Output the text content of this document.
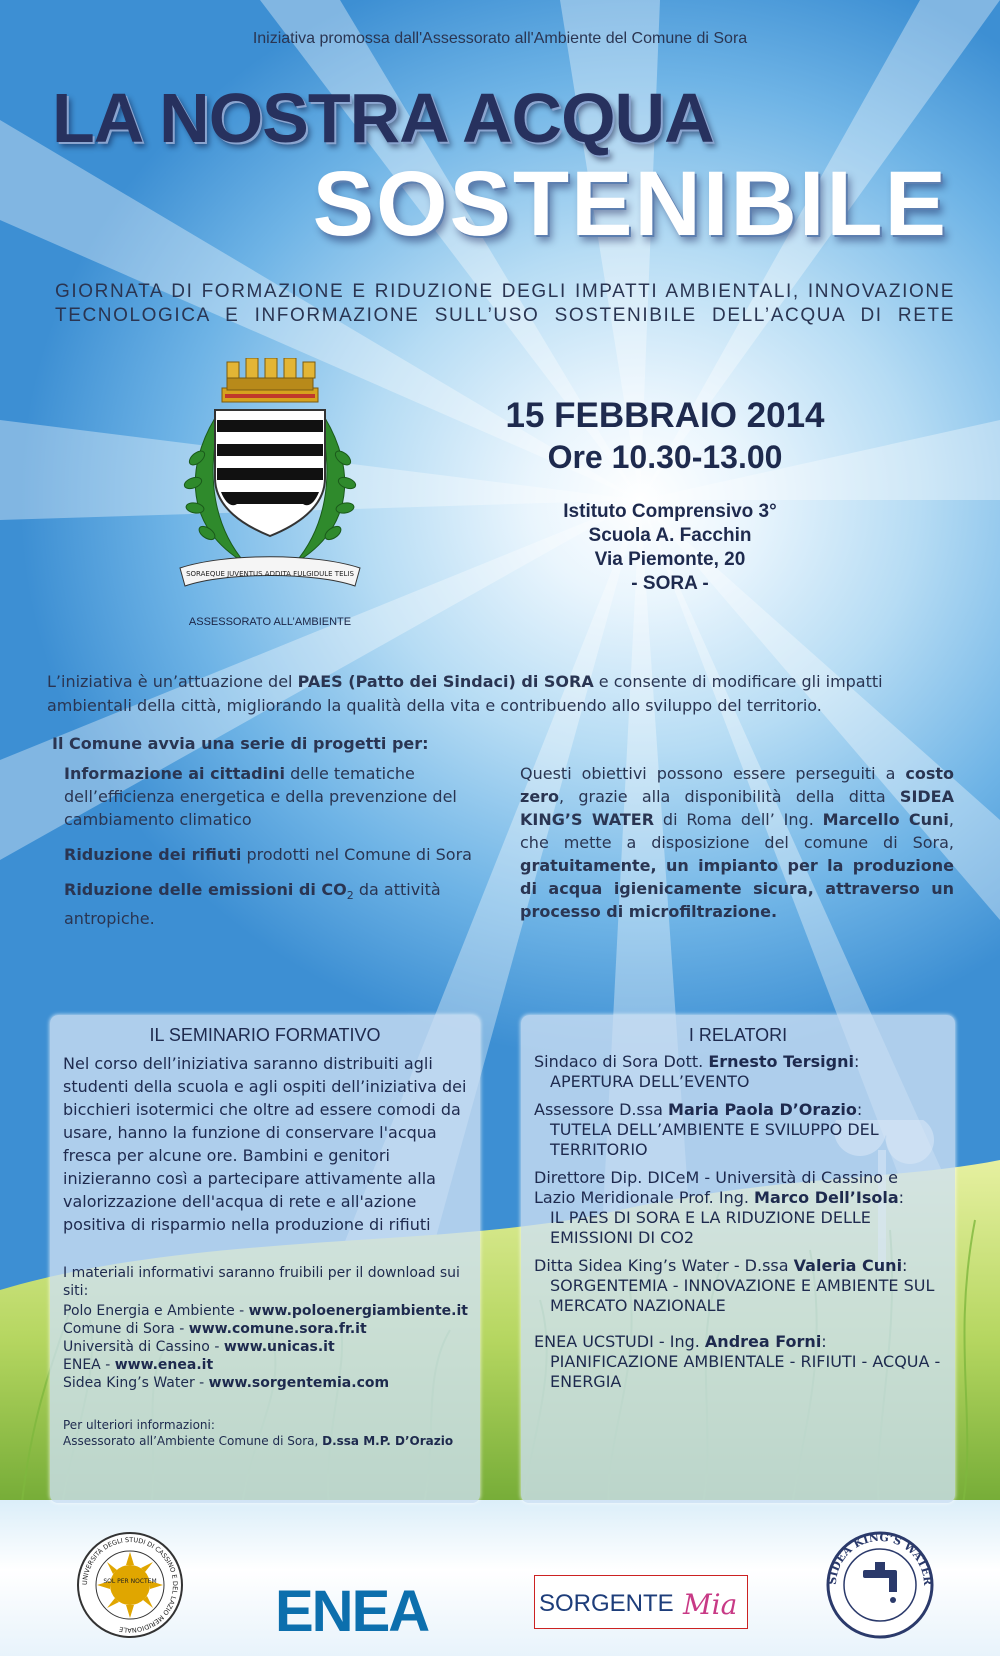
Iniziativa promossa dall'Assessorato all'Ambiente del Comune di Sora
LA NOSTRA ACQUA
SOSTENIBILE
GIORNATA DI FORMAZIONE E RIDUZIONE DEGLI IMPATTI AMBIENTALI, INNOVAZIONE
TECNOLOGICA E INFORMAZIONE SULL’USO SOSTENIBILE DELL’ACQUA DI RETE
SORAEQUE JUVENTUS ADDITA FULGIDULE TELIS
ASSESSORATO ALL’AMBIENTE
15 FEBBRAIO 2014
Ore 10.30-13.00
Istituto Comprensivo 3°
Scuola A. Facchin
Via Piemonte, 20
- SORA -
L’iniziativa è un’attuazione del PAES (Patto dei Sindaci) di SORA e consente di modificare gli impatti ambientali della città, migliorando la qualità della vita e contribuendo allo sviluppo del territorio.
Il Comune avvia una serie di progetti per:

Informazione ai cittadini delle tematiche dell’efficienza energetica e della prevenzione del cambiamento climatico

Riduzione dei rifiuti prodotti nel Comune di Sora

Riduzione delle emissioni di $CO_2$ da attività antropiche.

Questi obiettivi possono essere perseguiti a costo zero, grazie alla disponibilità della ditta SIDEA KING’S WATER di Roma dell’ Ing. Marcello Cuni, che mette a disposizione del comune di Sora, gratuitamente, un impianto per la produzione di acqua igienicamente sicura, attraverso un processo di microfiltrazione.
IL SEMINARIO FORMATIVO
Nel corso dell’iniziativa saranno distribuiti agli studenti della scuola e agli ospiti dell’iniziativa dei bicchieri isotermici che oltre ad essere comodi da usare, hanno la funzione di conservare l'acqua fresca per alcune ore. Bambini e genitori inizieranno così a partecipare attivamente alla valorizzazione dell'acqua di rete e all'azione positiva di risparmio nella produzione di rifiuti
I materiali informativi saranno fruibili per il download sui siti:
Polo Energia e Ambiente - www.poloenergiambiente.it
Comune di Sora - www.comune.sora.fr.it
Università di Cassino - www.unicas.it
ENEA - www.enea.it
Sidea King’s Water - www.sorgentemia.com
Per ulteriori informazioni:
Assessorato all’Ambiente Comune di Sora, D.ssa M.P. D’Orazio
I RELATORI
Sindaco di Sora Dott. Ernesto Tersigni:
APERTURA DELL’EVENTO
Assessore D.ssa Maria Paola D’Orazio:
TUTELA DELL’AMBIENTE E SVILUPPO DEL TERRITORIO
Direttore Dip. DICeM - Università di Cassino e Lazio Meridionale Prof. Ing. Marco Dell’Isola:
IL PAES DI SORA E LA RIDUZIONE DELLE EMISSIONI DI CO2
Ditta Sidea King’s Water - D.ssa Valeria Cuni:
SORGENTEMIA - INNOVAZIONE E AMBIENTE SUL MERCATO NAZIONALE
ENEA UCSTUDI - Ing. Andrea Forni:
PIANIFICAZIONE AMBIENTALE - RIFIUTI - ACQUA - ENERGIA
UNIVERSITÀ DEGLI STUDI DI CASSINO E DEL LAZIO MERIDIONALE
SOL PER NOCTEM ENEA	SORGENTE Mia
SIDEA KING’S WATER
